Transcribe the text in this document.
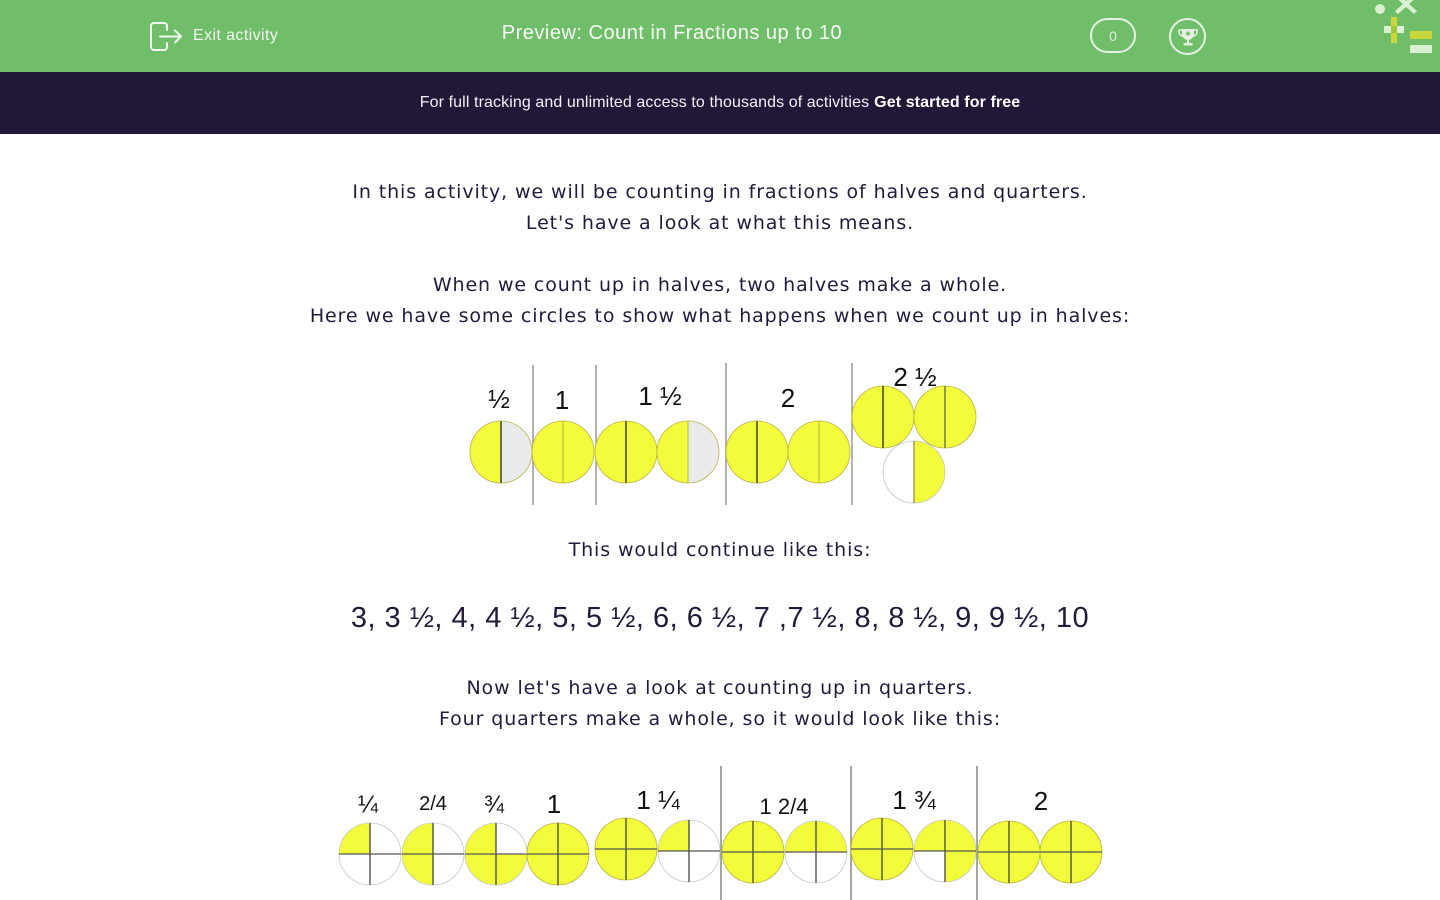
Exit activity	Preview: Count in Fractions up to 10	0
For full tracking and unlimited access to thousands of activities Get started for free
In this activity, we will be counting in fractions of halves and quarters.
Let's have a look at what this means.
When we count up in halves, two halves make a whole.
Here we have some circles to show what happens when we count up in halves:
½ 1	1 ½	2
2 ½
This would continue like this:
3, 3 ½, 4, 4 ½, 5, 5 ½, 6, 6 ½, 7 ,7 ½, 8, 8 ½, 9, 9 ½, 10
Now let's have a look at counting up in quarters.
Four quarters make a whole, so it would look like this:
¼ 2/4 ¾ 1	1 ¼	1 2/4	1 ¾	2
